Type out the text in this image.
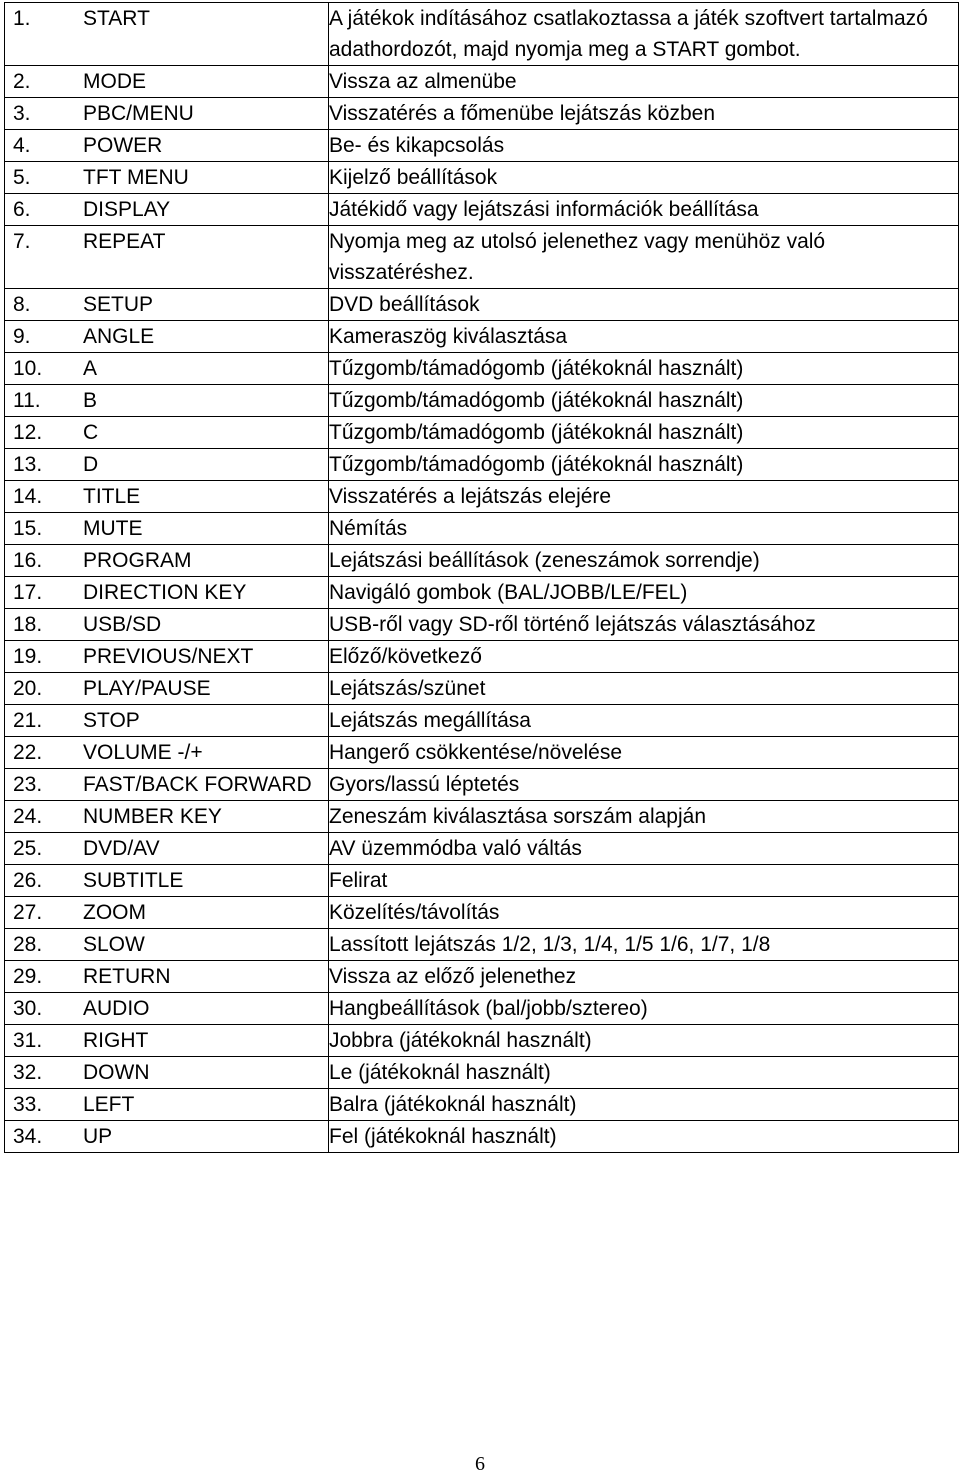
1. START	A játékok indításához csatlakoztassa a játék szoftvert tartalmazó adathordozót, majd nyomja meg a START gombot.
2. MODE	Vissza az almenübe
3. PBC/MENU	Visszatérés a főmenübe lejátszás közben
4. POWER	Be- és kikapcsolás
5. TFT MENU	Kijelző beállítások
6. DISPLAY	Játékidő vagy lejátszási információk beállítása
7. REPEAT	Nyomja meg az utolsó jelenethez vagy menühöz való visszatéréshez.
8. SETUP	DVD beállítások
9. ANGLE	Kameraszög kiválasztása
10. A	Tűzgomb/támadógomb (játékoknál használt)
11. B	Tűzgomb/támadógomb (játékoknál használt)
12. C	Tűzgomb/támadógomb (játékoknál használt)
13. D	Tűzgomb/támadógomb (játékoknál használt)
14. TITLE	Visszatérés a lejátszás elejére
15. MUTE	Némítás
16. PROGRAM	Lejátszási beállítások (zeneszámok sorrendje)
17. DIRECTION KEY	Navigáló gombok (BAL/JOBB/LE/FEL)
18. USB/SD	USB-ről vagy SD-ről történő lejátszás választásához
19. PREVIOUS/NEXT	Előző/következő
20. PLAY/PAUSE	Lejátszás/szünet
21. STOP	Lejátszás megállítása
22. VOLUME -/+	Hangerő csökkentése/növelése
23. FAST/BACK FORWARD	Gyors/lassú léptetés
24. NUMBER KEY	Zeneszám kiválasztása sorszám alapján
25. DVD/AV	AV üzemmódba való váltás
26. SUBTITLE	Felirat
27. ZOOM	Közelítés/távolítás
28. SLOW	Lassított lejátszás 1/2, 1/3, 1/4, 1/5 1/6, 1/7, 1/8
29. RETURN	Vissza az előző jelenethez
30. AUDIO	Hangbeállítások (bal/jobb/sztereo)
31. RIGHT	Jobbra (játékoknál használt)
32. DOWN	Le (játékoknál használt)
33. LEFT	Balra (játékoknál használt)
34. UP	Fel (játékoknál használt)
6
